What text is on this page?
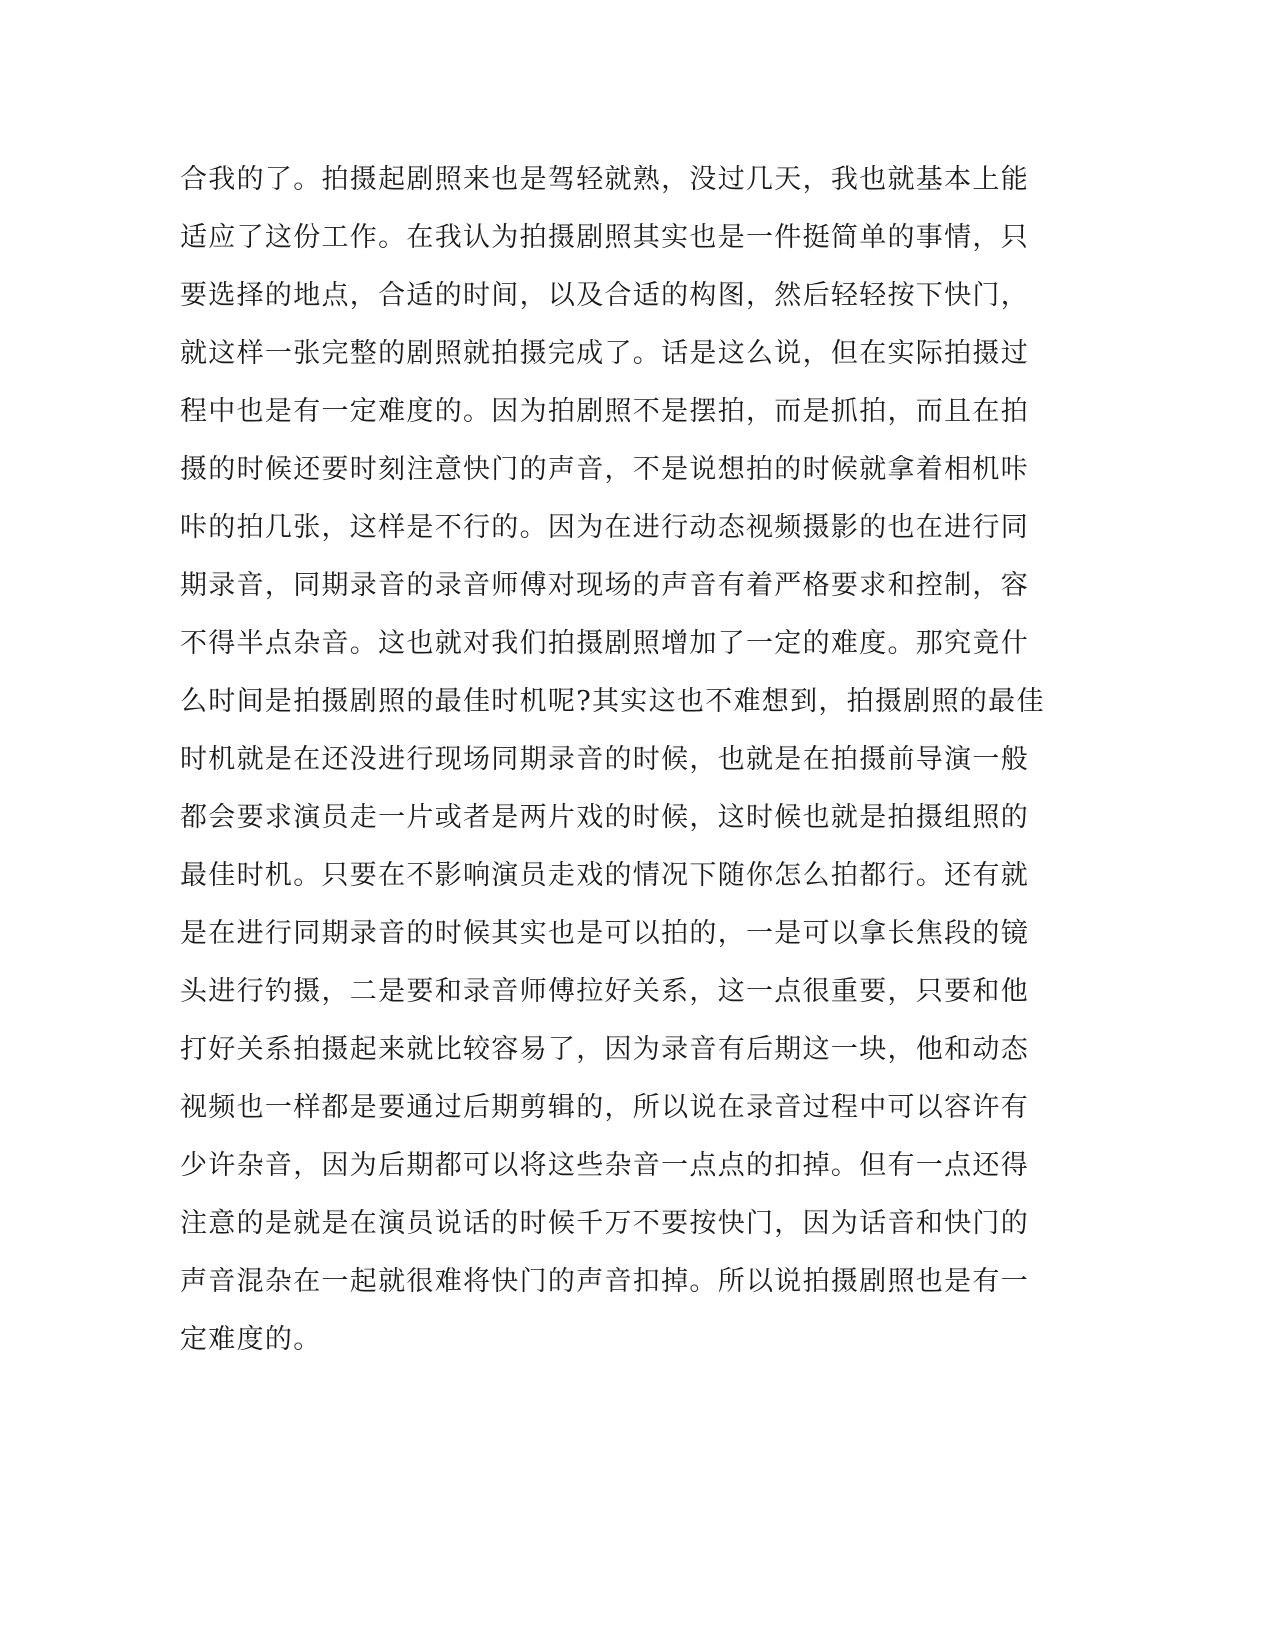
合我的了。拍摄起剧照来也是驾轻就熟，没过几天，我也就基本上能
适应了这份工作。在我认为拍摄剧照其实也是一件挺简单的事情，只
要选择的地点，合适的时间，以及合适的构图，然后轻轻按下快门，
就这样一张完整的剧照就拍摄完成了。话是这么说，但在实际拍摄过
程中也是有一定难度的。因为拍剧照不是摆拍，而是抓拍，而且在拍
摄的时候还要时刻注意快门的声音，不是说想拍的时候就拿着相机咔
咔的拍几张，这样是不行的。因为在进行动态视频摄影的也在进行同
期录音，同期录音的录音师傅对现场的声音有着严格要求和控制，容
不得半点杂音。这也就对我们拍摄剧照增加了一定的难度。那究竟什
么时间是拍摄剧照的最佳时机呢?其实这也不难想到，拍摄剧照的最佳
时机就是在还没进行现场同期录音的时候，也就是在拍摄前导演一般
都会要求演员走一片或者是两片戏的时候，这时候也就是拍摄组照的
最佳时机。只要在不影响演员走戏的情况下随你怎么拍都行。还有就
是在进行同期录音的时候其实也是可以拍的，一是可以拿长焦段的镜
头进行钓摄，二是要和录音师傅拉好关系，这一点很重要，只要和他
打好关系拍摄起来就比较容易了，因为录音有后期这一块，他和动态
视频也一样都是要通过后期剪辑的，所以说在录音过程中可以容许有
少许杂音，因为后期都可以将这些杂音一点点的扣掉。但有一点还得
注意的是就是在演员说话的时候千万不要按快门，因为话音和快门的
声音混杂在一起就很难将快门的声音扣掉。所以说拍摄剧照也是有一
定难度的。
